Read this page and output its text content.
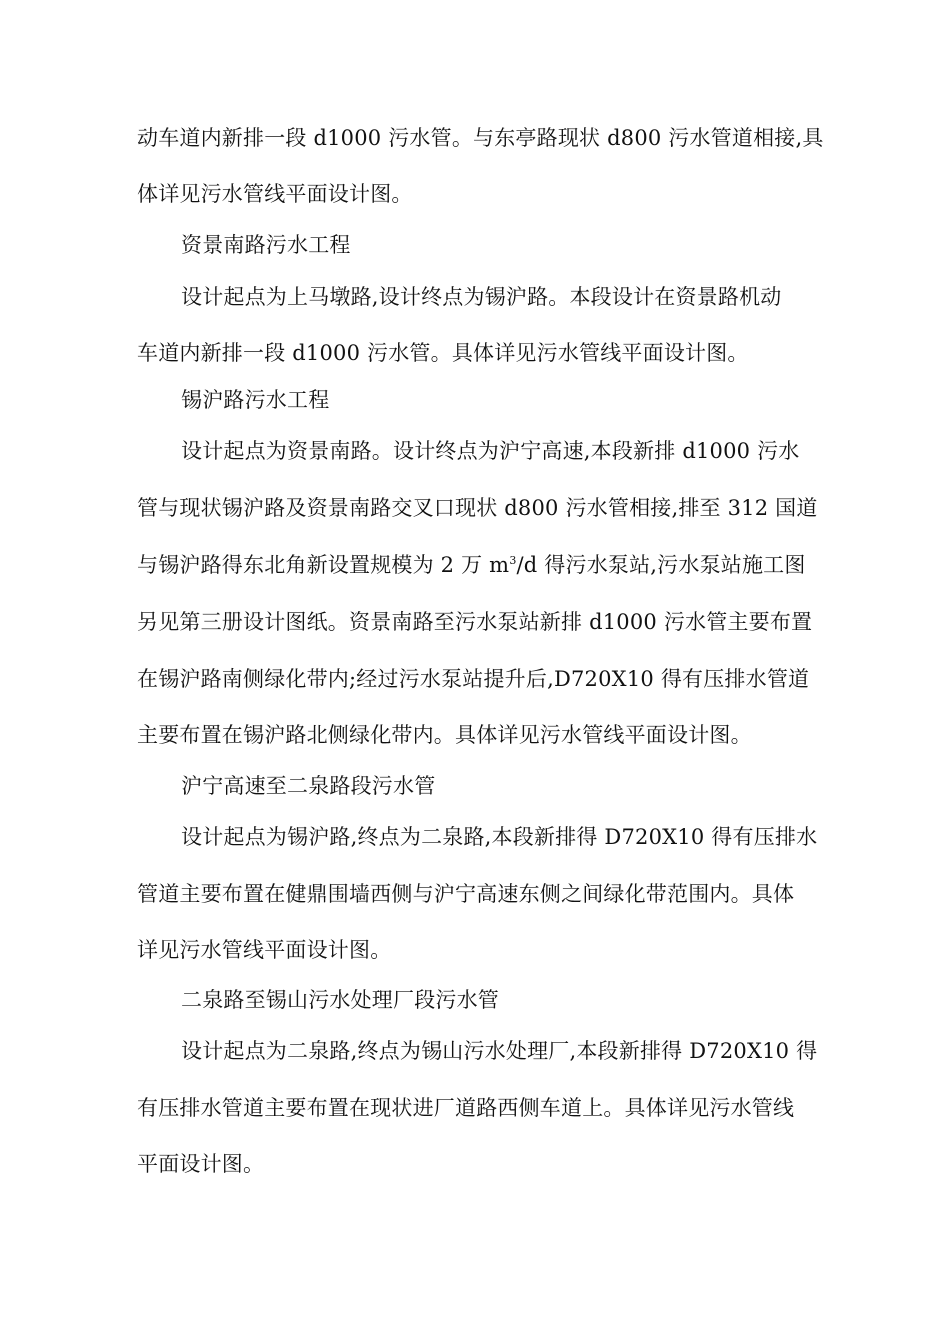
动车道内新排一段 d1000 污水管。与东亭路现状 d800 污水管道相接,具
体详见污水管线平面设计图。
资景南路污水工程
设计起点为上马墩路,设计终点为锡沪路。本段设计在资景路机动
车道内新排一段 d1000 污水管。具体详见污水管线平面设计图。
锡沪路污水工程
设计起点为资景南路。设计终点为沪宁高速,本段新排 d1000 污水
管与现状锡沪路及资景南路交叉口现状 d800 污水管相接,排至 312 国道
与锡沪路得东北角新设置规模为 2 万 $m^3/d$ 得污水泵站,污水泵站施工图
另见第三册设计图纸。资景南路至污水泵站新排 d1000 污水管主要布置
在锡沪路南侧绿化带内;经过污水泵站提升后,D720X10 得有压排水管道
主要布置在锡沪路北侧绿化带内。具体详见污水管线平面设计图。
沪宁高速至二泉路段污水管
设计起点为锡沪路,终点为二泉路,本段新排得 D720X10 得有压排水
管道主要布置在健鼎围墙西侧与沪宁高速东侧之间绿化带范围内。具体
详见污水管线平面设计图。
二泉路至锡山污水处理厂段污水管
设计起点为二泉路,终点为锡山污水处理厂,本段新排得 D720X10 得
有压排水管道主要布置在现状进厂道路西侧车道上。具体详见污水管线
平面设计图。
